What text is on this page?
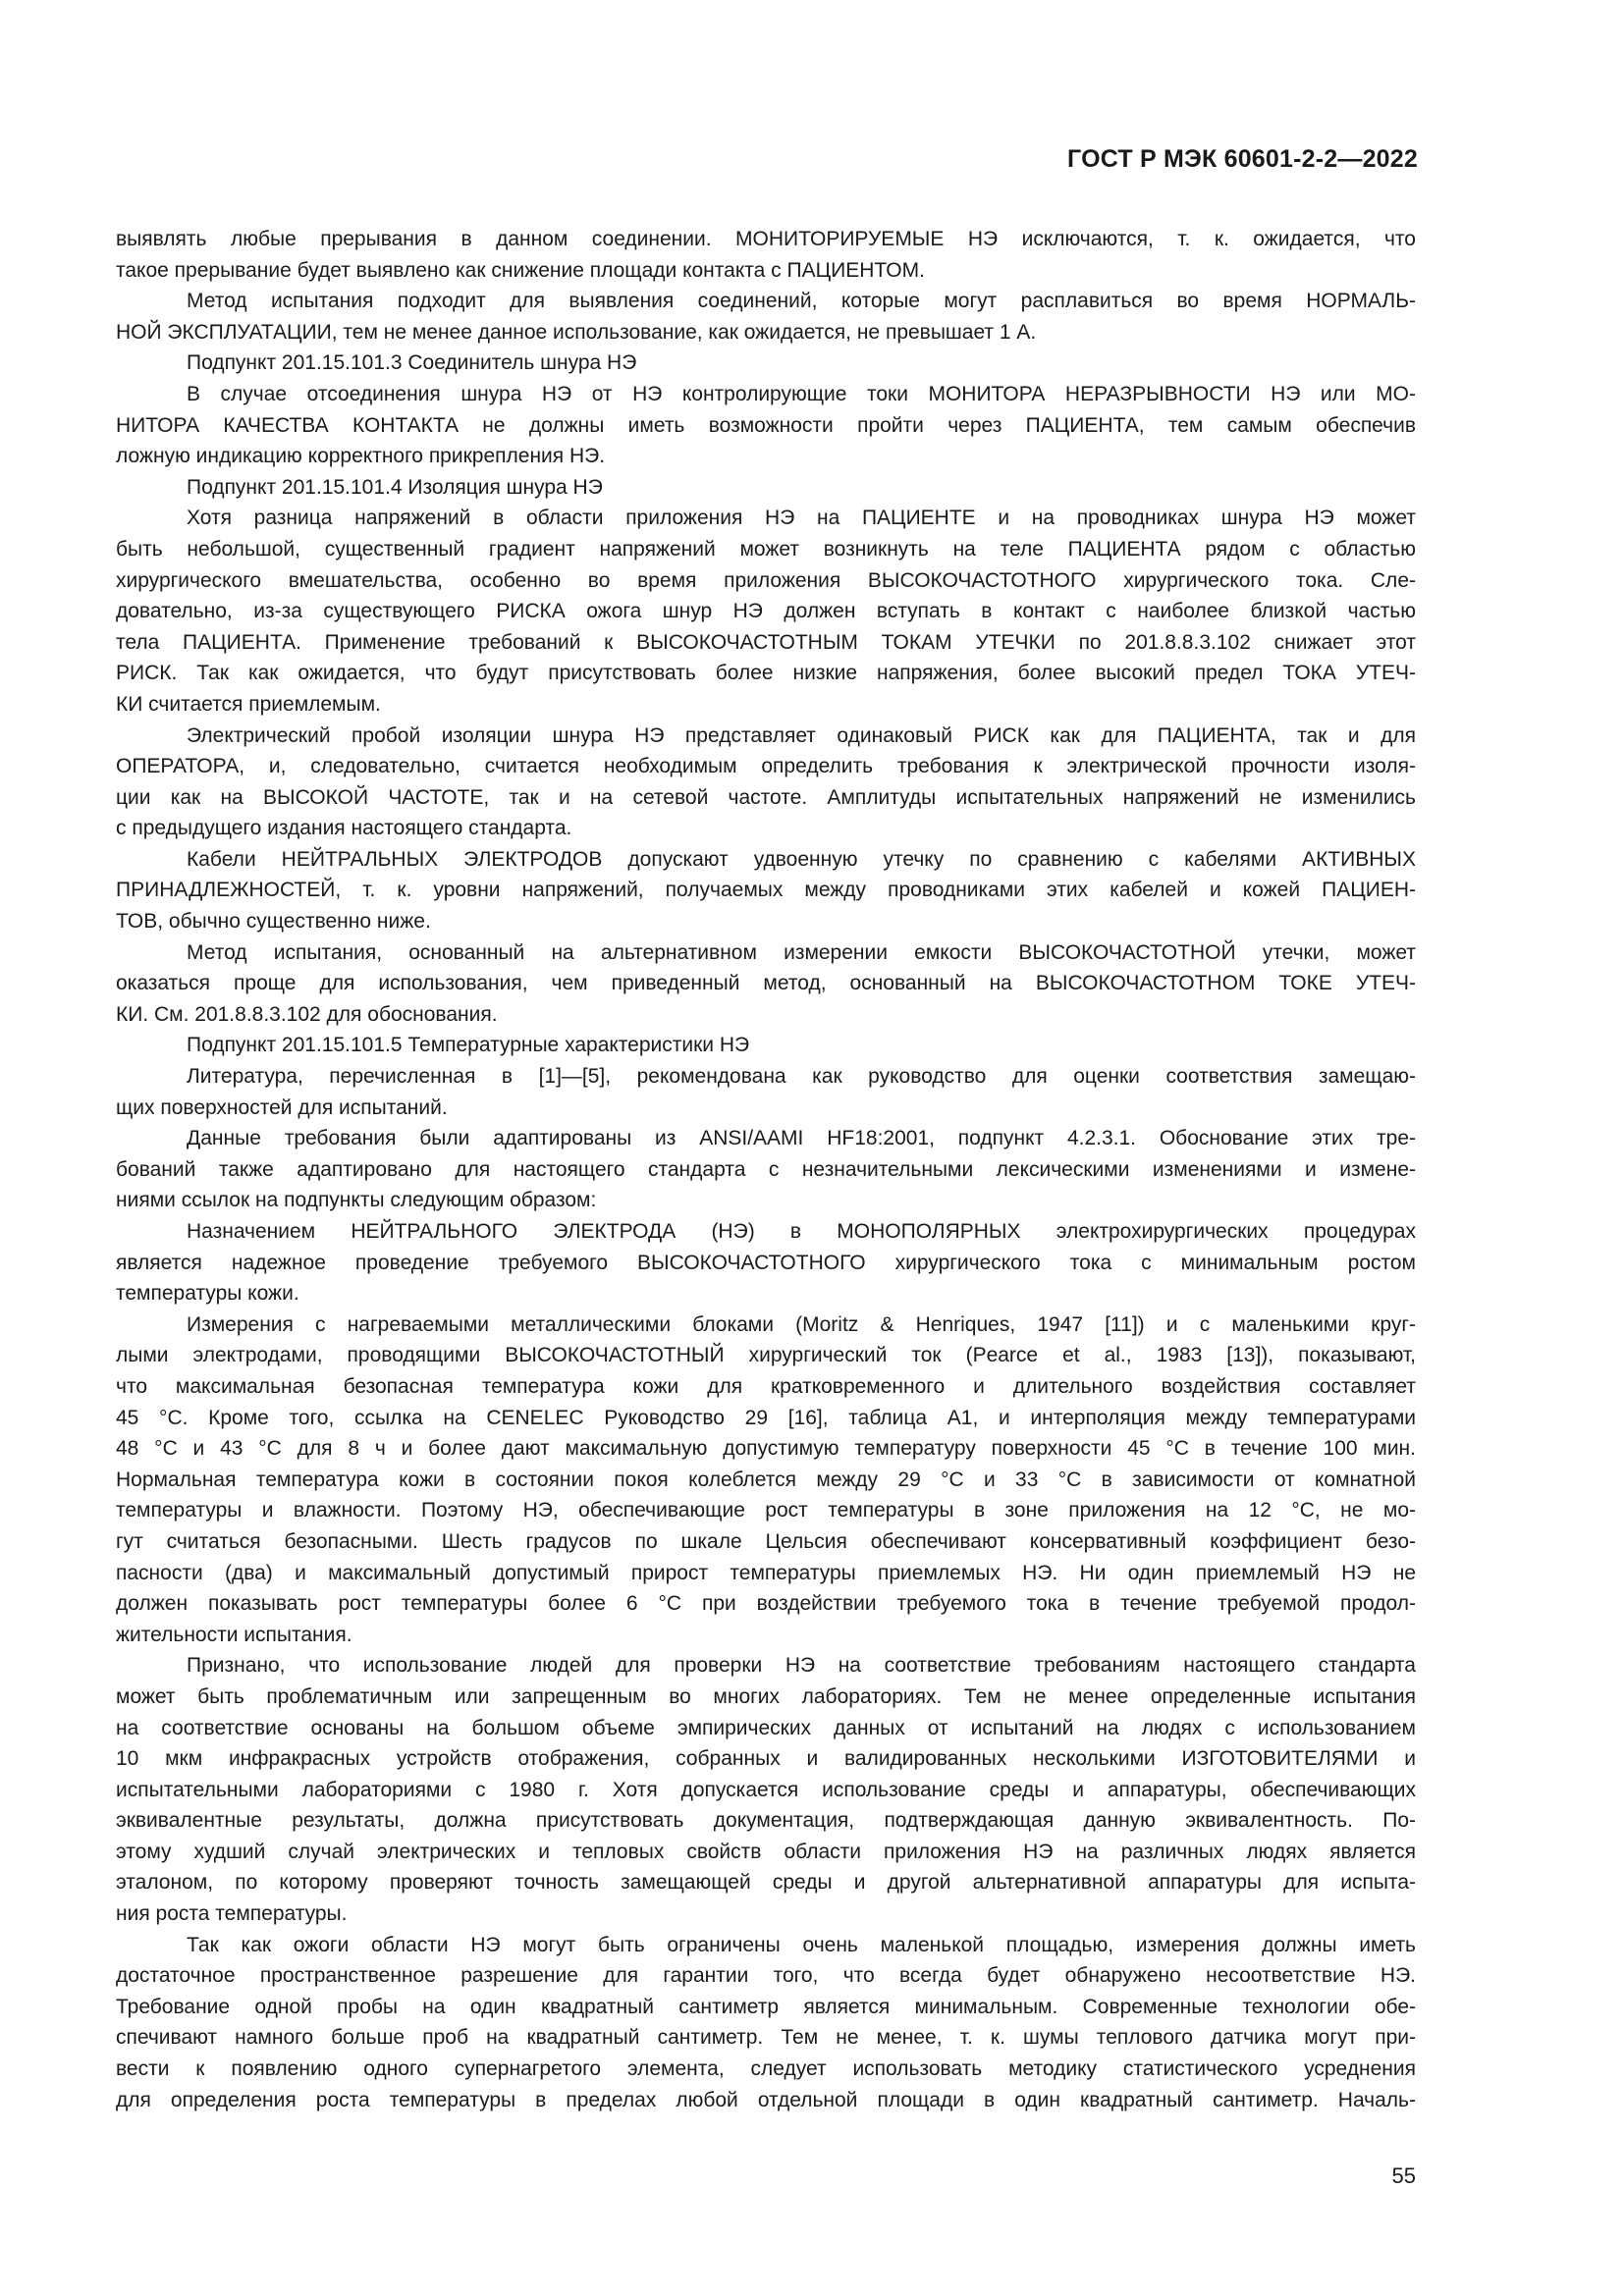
ГОСТ Р МЭК 60601-2-2—2022
выявлять любые прерывания в данном соединении. МОНИТОРИРУЕМЫЕ НЭ исключаются, т. к. ожидается, что
такое прерывание будет выявлено как снижение площади контакта с ПАЦИЕНТОМ.
Метод испытания подходит для выявления соединений, которые могут расплавиться во время НОРМАЛЬ-
НОЙ ЭКСПЛУАТАЦИИ, тем не менее данное использование, как ожидается, не превышает 1 А.
Подпункт 201.15.101.3 Соединитель шнура НЭ
В случае отсоединения шнура НЭ от НЭ контролирующие токи МОНИТОРА НЕРАЗРЫВНОСТИ НЭ или МО-
НИТОРА КАЧЕСТВА КОНТАКТА не должны иметь возможности пройти через ПАЦИЕНТА, тем самым обеспечив
ложную индикацию корректного прикрепления НЭ.
Подпункт 201.15.101.4 Изоляция шнура НЭ
Хотя разница напряжений в области приложения НЭ на ПАЦИЕНТЕ и на проводниках шнура НЭ может
быть небольшой, существенный градиент напряжений может возникнуть на теле ПАЦИЕНТА рядом с областью
хирургического вмешательства, особенно во время приложения ВЫСОКОЧАСТОТНОГО хирургического тока. Сле-
довательно, из-за существующего РИСКА ожога шнур НЭ должен вступать в контакт с наиболее близкой частью
тела ПАЦИЕНТА. Применение требований к ВЫСОКОЧАСТОТНЫМ ТОКАМ УТЕЧКИ по 201.8.8.3.102 снижает этот
РИСК. Так как ожидается, что будут присутствовать более низкие напряжения, более высокий предел ТОКА УТЕЧ-
КИ считается приемлемым.
Электрический пробой изоляции шнура НЭ представляет одинаковый РИСК как для ПАЦИЕНТА, так и для
ОПЕРАТОРА, и, следовательно, считается необходимым определить требования к электрической прочности изоля-
ции как на ВЫСОКОЙ ЧАСТОТЕ, так и на сетевой частоте. Амплитуды испытательных напряжений не изменились
с предыдущего издания настоящего стандарта.
Кабели НЕЙТРАЛЬНЫХ ЭЛЕКТРОДОВ допускают удвоенную утечку по сравнению с кабелями АКТИВНЫХ
ПРИНАДЛЕЖНОСТЕЙ, т. к. уровни напряжений, получаемых между проводниками этих кабелей и кожей ПАЦИЕН-
ТОВ, обычно существенно ниже.
Метод испытания, основанный на альтернативном измерении емкости ВЫСОКОЧАСТОТНОЙ утечки, может
оказаться проще для использования, чем приведенный метод, основанный на ВЫСОКОЧАСТОТНОМ ТОКЕ УТЕЧ-
КИ. См. 201.8.8.3.102 для обоснования.
Подпункт 201.15.101.5 Температурные характеристики НЭ
Литература, перечисленная в [1]—[5], рекомендована как руководство для оценки соответствия замещаю-
щих поверхностей для испытаний.
Данные требования были адаптированы из ANSI/AAMI HF18:2001, подпункт 4.2.3.1. Обоснование этих тре-
бований также адаптировано для настоящего стандарта с незначительными лексическими изменениями и измене-
ниями ссылок на подпункты следующим образом:
Назначением НЕЙТРАЛЬНОГО ЭЛЕКТРОДА (НЭ) в МОНОПОЛЯРНЫХ электрохирургических процедурах
является надежное проведение требуемого ВЫСОКОЧАСТОТНОГО хирургического тока с минимальным ростом
температуры кожи.
Измерения с нагреваемыми металлическими блоками (Moritz & Henriques, 1947 [11]) и с маленькими круг-
лыми электродами, проводящими ВЫСОКОЧАСТОТНЫЙ хирургический ток (Pearce et al., 1983 [13]), показывают,
что максимальная безопасная температура кожи для кратковременного и длительного воздействия составляет
45 °С. Кроме того, ссылка на CENELEC Руководство 29 [16], таблица А1, и интерполяция между температурами
48 °С и 43 °С для 8 ч и более дают максимальную допустимую температуру поверхности 45 °С в течение 100 мин.
Нормальная температура кожи в состоянии покоя колеблется между 29 °С и 33 °С в зависимости от комнатной
температуры и влажности. Поэтому НЭ, обеспечивающие рост температуры в зоне приложения на 12 °С, не мо-
гут считаться безопасными. Шесть градусов по шкале Цельсия обеспечивают консервативный коэффициент безо-
пасности (два) и максимальный допустимый прирост температуры приемлемых НЭ. Ни один приемлемый НЭ не
должен показывать рост температуры более 6 °С при воздействии требуемого тока в течение требуемой продол-
жительности испытания.
Признано, что использование людей для проверки НЭ на соответствие требованиям настоящего стандарта
может быть проблематичным или запрещенным во многих лабораториях. Тем не менее определенные испытания
на соответствие основаны на большом объеме эмпирических данных от испытаний на людях с использованием
10 мкм инфракрасных устройств отображения, собранных и валидированных несколькими ИЗГОТОВИТЕЛЯМИ и
испытательными лабораториями с 1980 г. Хотя допускается использование среды и аппаратуры, обеспечивающих
эквивалентные результаты, должна присутствовать документация, подтверждающая данную эквивалентность. По-
этому худший случай электрических и тепловых свойств области приложения НЭ на различных людях является
эталоном, по которому проверяют точность замещающей среды и другой альтернативной аппаратуры для испыта-
ния роста температуры.
Так как ожоги области НЭ могут быть ограничены очень маленькой площадью, измерения должны иметь
достаточное пространственное разрешение для гарантии того, что всегда будет обнаружено несоответствие НЭ.
Требование одной пробы на один квадратный сантиметр является минимальным. Современные технологии обе-
спечивают намного больше проб на квадратный сантиметр. Тем не менее, т. к. шумы теплового датчика могут при-
вести к появлению одного супернагретого элемента, следует использовать методику статистического усреднения
для определения роста температуры в пределах любой отдельной площади в один квадратный сантиметр. Началь-
55
